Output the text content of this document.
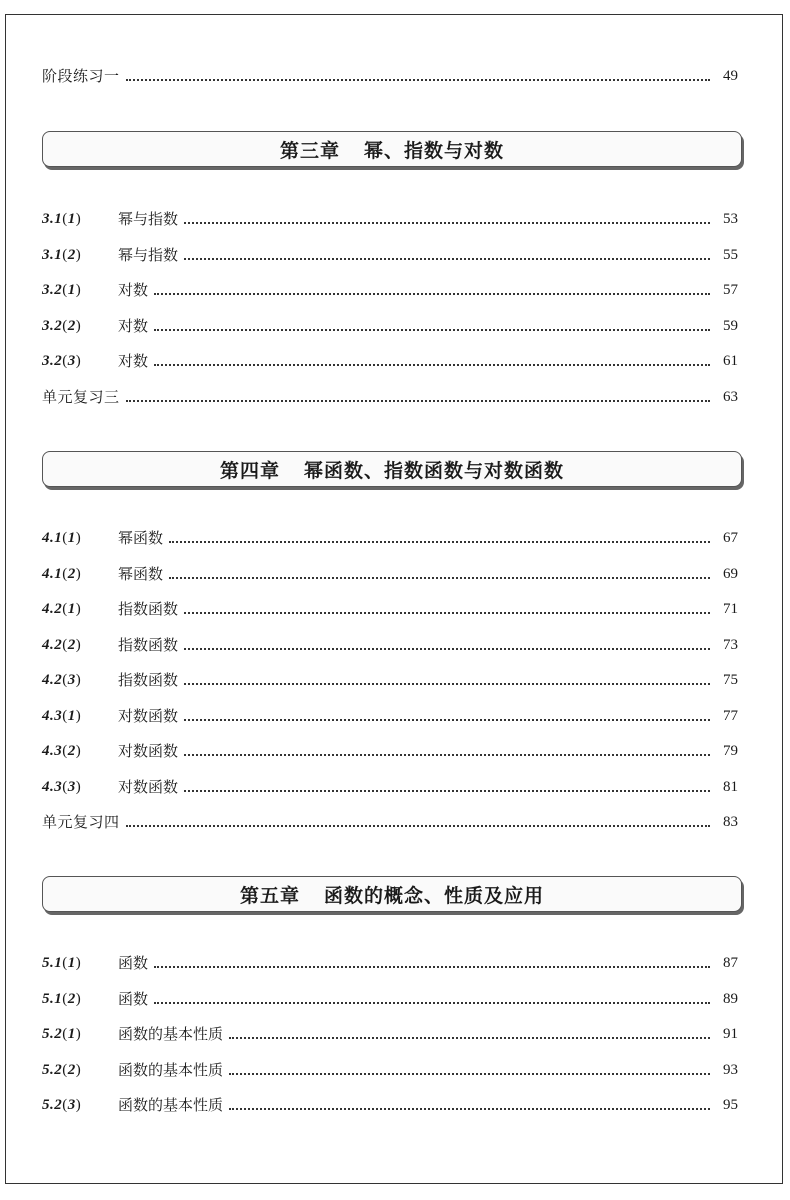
阶段练习一	49
第三章 幂、指数与对数
3.1(1)	幂与指数	53
3.1(2)	幂与指数	55
3.2(1)	对数	57
3.2(2)	对数	59
3.2(3)	对数	61
单元复习三	63
第四章 幂函数、指数函数与对数函数
4.1(1)	幂函数	67
4.1(2)	幂函数	69
4.2(1)	指数函数	71
4.2(2)	指数函数	73
4.2(3)	指数函数	75
4.3(1)	对数函数	77
4.3(2)	对数函数	79
4.3(3)	对数函数	81
单元复习四	83
第五章 函数的概念、性质及应用
5.1(1)	函数	87
5.1(2)	函数	89
5.2(1)	函数的基本性质	91
5.2(2)	函数的基本性质	93
5.2(3)	函数的基本性质	95
